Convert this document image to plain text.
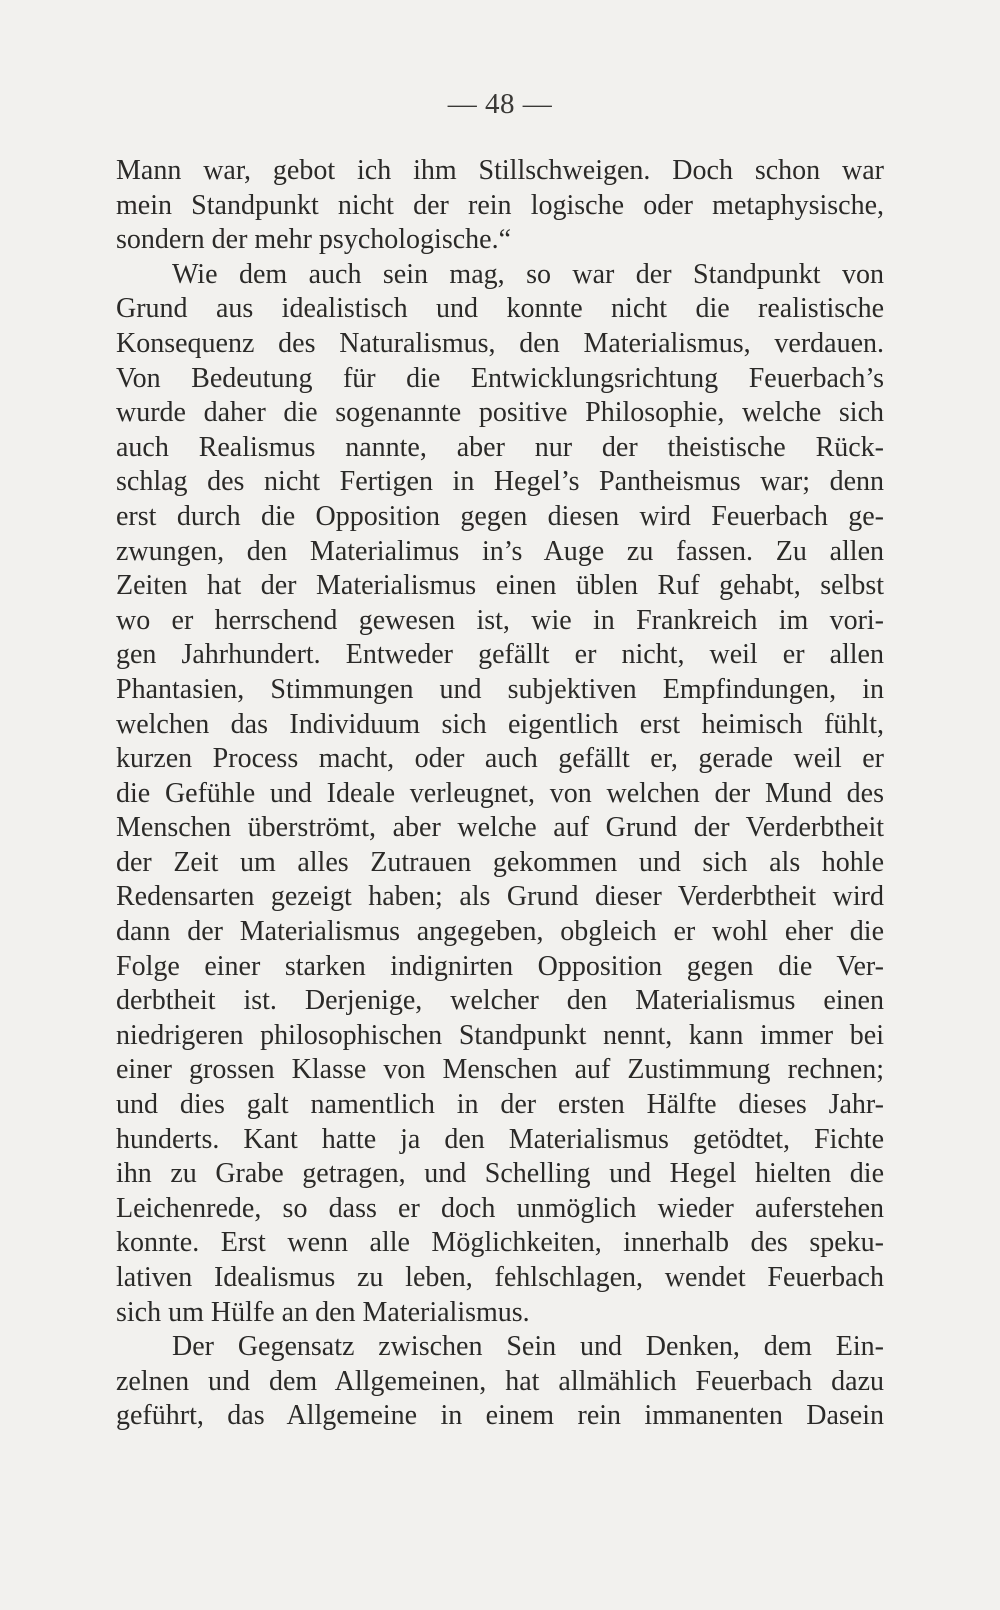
— 48 —
Mann war, gebot ich ihm Stillschweigen. Doch schon war
mein Standpunkt nicht der rein logische oder metaphysische,
sondern der mehr psychologische.“
Wie dem auch sein mag, so war der Standpunkt von
Grund aus idealistisch und konnte nicht die realistische
Konsequenz des Naturalismus, den Materialismus, verdauen.
Von Bedeutung für die Entwicklungsrichtung Feuerbach’s
wurde daher die sogenannte positive Philosophie, welche sich
auch Realismus nannte, aber nur der theistische Rück-
schlag des nicht Fertigen in Hegel’s Pantheismus war; denn
erst durch die Opposition gegen diesen wird Feuerbach ge-
zwungen, den Materialimus in’s Auge zu fassen. Zu allen
Zeiten hat der Materialismus einen üblen Ruf gehabt, selbst
wo er herrschend gewesen ist, wie in Frankreich im vori-
gen Jahrhundert. Entweder gefällt er nicht, weil er allen
Phantasien, Stimmungen und subjektiven Empfindungen, in
welchen das Individuum sich eigentlich erst heimisch fühlt,
kurzen Process macht, oder auch gefällt er, gerade weil er
die Gefühle und Ideale verleugnet, von welchen der Mund des
Menschen überströmt, aber welche auf Grund der Verderbtheit
der Zeit um alles Zutrauen gekommen und sich als hohle
Redensarten gezeigt haben; als Grund dieser Verderbtheit wird
dann der Materialismus angegeben, obgleich er wohl eher die
Folge einer starken indignirten Opposition gegen die Ver-
derbtheit ist. Derjenige, welcher den Materialismus einen
niedrigeren philosophischen Standpunkt nennt, kann immer bei
einer grossen Klasse von Menschen auf Zustimmung rechnen;
und dies galt namentlich in der ersten Hälfte dieses Jahr-
hunderts. Kant hatte ja den Materialismus getödtet, Fichte
ihn zu Grabe getragen, und Schelling und Hegel hielten die
Leichenrede, so dass er doch unmöglich wieder auferstehen
konnte. Erst wenn alle Möglichkeiten, innerhalb des speku-
lativen Idealismus zu leben, fehlschlagen, wendet Feuerbach
sich um Hülfe an den Materialismus.
Der Gegensatz zwischen Sein und Denken, dem Ein-
zelnen und dem Allgemeinen, hat allmählich Feuerbach dazu
geführt, das Allgemeine in einem rein immanenten Dasein
